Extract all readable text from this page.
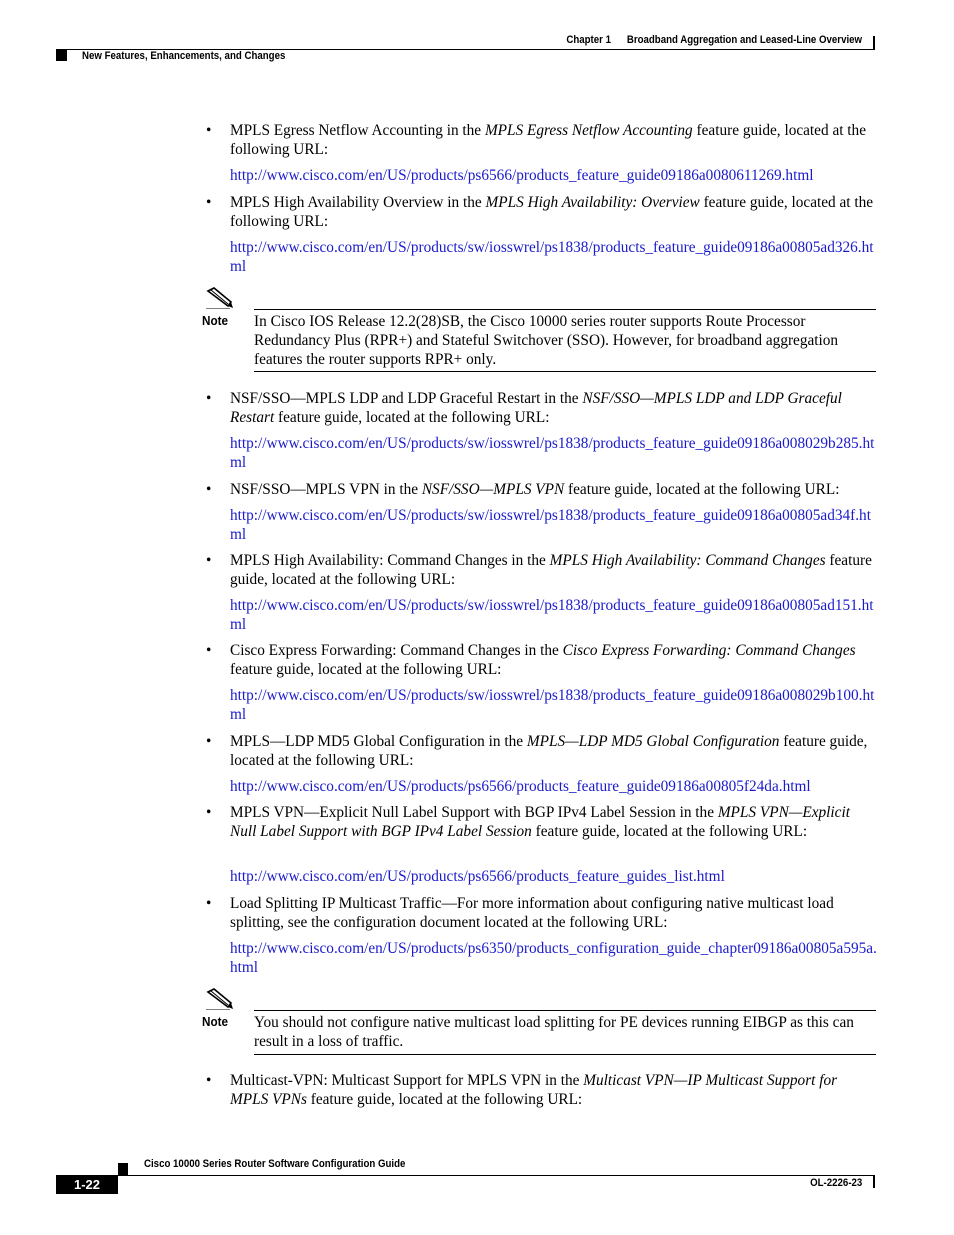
Chapter 1 Broadband Aggregation and Leased-Line Overview
New Features, Enhancements, and Changes
• MPLS Egress Netflow Accounting in the MPLS Egress Netflow Accounting feature guide, located at the following URL:
http://www.cisco.com/en/US/products/ps6566/products_feature_guide09186a0080611269.html
• MPLS High Availability Overview in the MPLS High Availability: Overview feature guide, located at the following URL:
http://www.cisco.com/en/US/products/sw/iosswrel/ps1838/products_feature_guide09186a00805ad326.html
Note In Cisco IOS Release 12.2(28)SB, the Cisco 10000 series router supports Route Processor Redundancy Plus (RPR+) and Stateful Switchover (SSO). However, for broadband aggregation features the router supports RPR+ only.
• NSF/SSO—MPLS LDP and LDP Graceful Restart in the NSF/SSO—MPLS LDP and LDP Graceful Restart feature guide, located at the following URL:
http://www.cisco.com/en/US/products/sw/iosswrel/ps1838/products_feature_guide09186a008029b285.html
• NSF/SSO—MPLS VPN in the NSF/SSO—MPLS VPN feature guide, located at the following URL:
http://www.cisco.com/en/US/products/sw/iosswrel/ps1838/products_feature_guide09186a00805ad34f.html
• MPLS High Availability: Command Changes in the MPLS High Availability: Command Changes feature guide, located at the following URL:
http://www.cisco.com/en/US/products/sw/iosswrel/ps1838/products_feature_guide09186a00805ad151.html
• Cisco Express Forwarding: Command Changes in the Cisco Express Forwarding: Command Changes feature guide, located at the following URL:
http://www.cisco.com/en/US/products/sw/iosswrel/ps1838/products_feature_guide09186a008029b100.html
• MPLS—LDP MD5 Global Configuration in the MPLS—LDP MD5 Global Configuration feature guide, located at the following URL:
http://www.cisco.com/en/US/products/ps6566/products_feature_guide09186a00805f24da.html
• MPLS VPN—Explicit Null Label Support with BGP IPv4 Label Session in the MPLS VPN—Explicit Null Label Support with BGP IPv4 Label Session feature guide, located at the following URL:
http://www.cisco.com/en/US/products/ps6566/products_feature_guides_list.html
• Load Splitting IP Multicast Traffic—For more information about configuring native multicast load splitting, see the configuration document located at the following URL:
http://www.cisco.com/en/US/products/ps6350/products_configuration_guide_chapter09186a00805a595a.html
Note You should not configure native multicast load splitting for PE devices running EIBGP as this can result in a loss of traffic.
• Multicast-VPN: Multicast Support for MPLS VPN in the Multicast VPN—IP Multicast Support for MPLS VPNs feature guide, located at the following URL:
Cisco 10000 Series Router Software Configuration Guide
1-22	OL-2226-23
